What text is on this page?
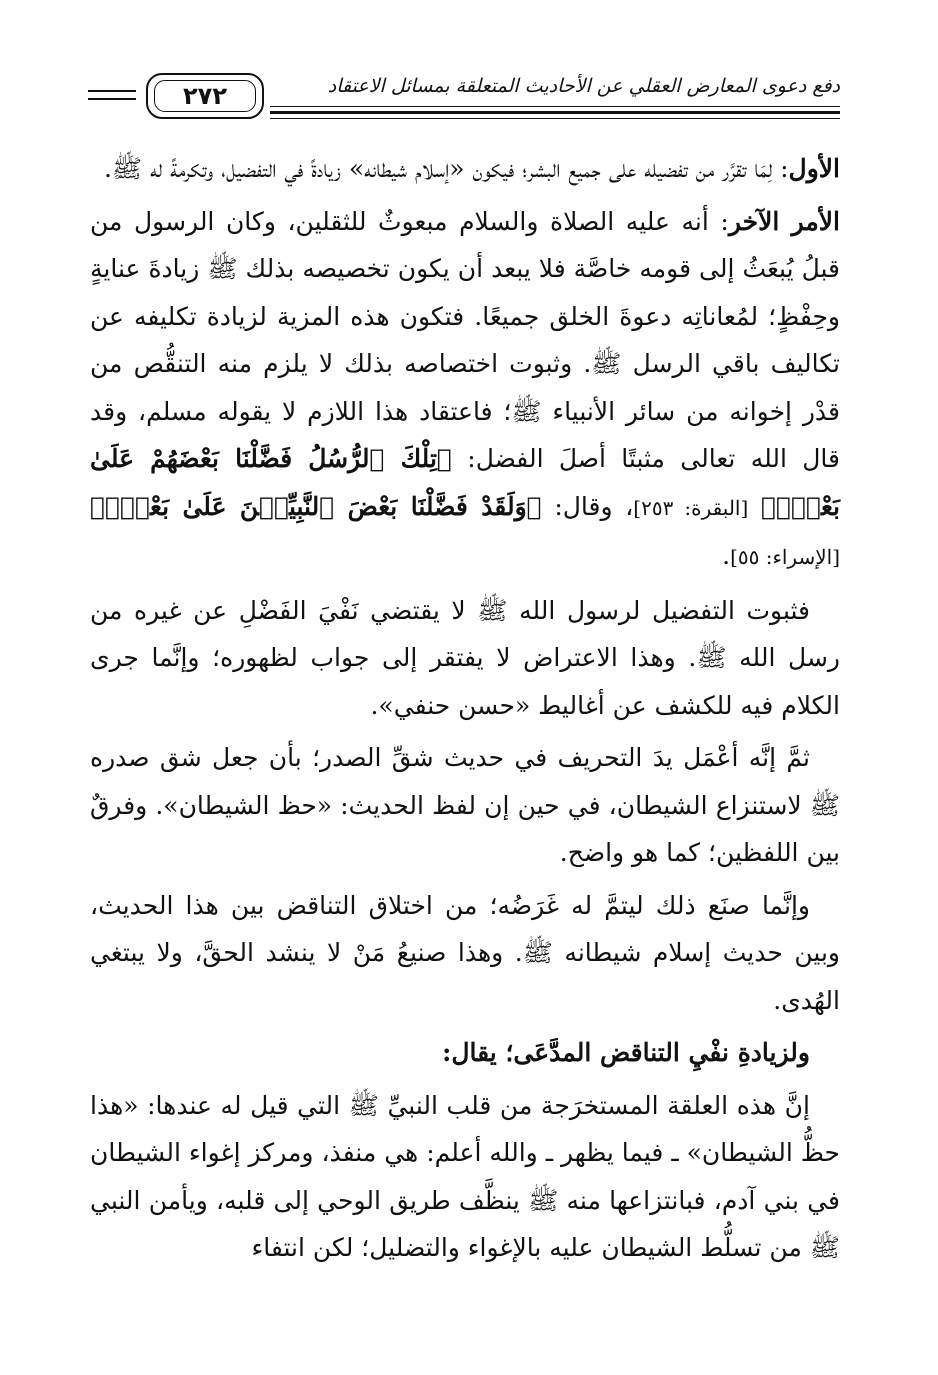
دفع دعوى المعارض العقلي عن الأحاديث المتعلقة بمسائل الاعتقاد
٢٧٢

الأول: لِمَا تقرَّر من تفضيله على جميع البشر؛ فيكون «إسلام شيطانه» زيادةً في التفضيل، وتكرمةً له ﷺ.

الأمر الآخر: أنه عليه الصلاة والسلام مبعوثٌ للثقلين، وكان الرسول من قبلُ يُبعَثُ إلى قومه خاصَّة فلا يبعد أن يكون تخصيصه بذلك ﷺ زيادةَ عنايةٍ وحِفْظٍ؛ لمُعاناتِه دعوةَ الخلق جميعًا. فتكون هذه المزية لزيادة تكليفه عن تكاليف باقي الرسل ﷺ. وثبوت اختصاصه بذلك لا يلزم منه التنقُّص من قدْر إخوانه من سائر الأنبياء ﷺ؛ فاعتقاد هذا اللازم لا يقوله مسلم، وقد قال الله تعالى مثبتًا أصلَ الفضل: ﴿تِلْكَ ٱلرُّسُلُ فَضَّلْنَا بَعْضَهُمْ عَلَىٰ بَعْضٍۘ﴾ [البقرة: ٢٥٣]، وقال: ﴿وَلَقَدْ فَضَّلْنَا بَعْضَ ٱلنَّبِيِّـۧنَ عَلَىٰ بَعْضٍۖ﴾ [الإسراء: ٥٥].

فثبوت التفضيل لرسول الله ﷺ لا يقتضي نَفْيَ الفَضْلِ عن غيره من رسل الله ﷺ. وهذا الاعتراض لا يفتقر إلى جواب لظهوره؛ وإنَّما جرى الكلام فيه للكشف عن أغاليط «حسن حنفي».

ثمَّ إنَّه أعْمَل يدَ التحريف في حديث شقِّ الصدر؛ بأن جعل شق صدره ﷺ لاستنزاع الشيطان، في حين إن لفظ الحديث: «حظ الشيطان». وفرقٌ بين اللفظين؛ كما هو واضح.

وإنَّما صنَع ذلك ليتمَّ له غَرَضُه؛ من اختلاق التناقض بين هذا الحديث، وبين حديث إسلام شيطانه ﷺ. وهذا صنيعُ مَنْ لا ينشد الحقَّ، ولا يبتغي الهُدى.

ولزيادةِ نفْيِ التناقض المدَّعَى؛ يقال:

إنَّ هذه العلقة المستخرَجة من قلب النبيِّ ﷺ التي قيل له عندها: «هذا حظُّ الشيطان» ـ فيما يظهر ـ والله أعلم: هي منفذ، ومركز إغواء الشيطان في بني آدم، فبانتزاعها منه ﷺ ينظَّف طريق الوحي إلى قلبه، ويأمن النبي ﷺ من تسلُّط الشيطان عليه بالإغواء والتضليل؛ لكن انتفاء
